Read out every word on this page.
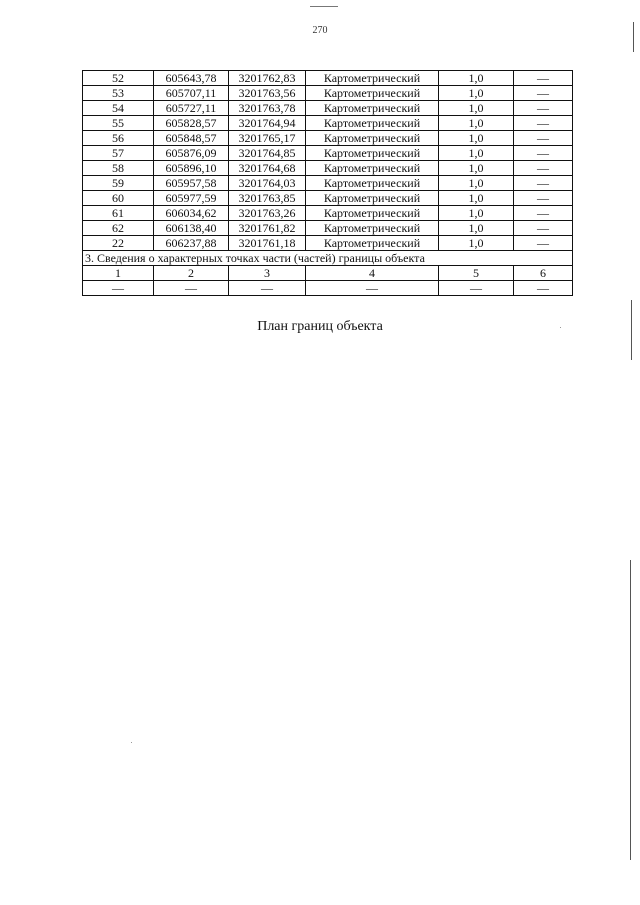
270
52	605643,78	3201762,83	Картометрический	1,0	—
53	605707,11	3201763,56	Картометрический	1,0	—
54	605727,11	3201763,78	Картометрический	1,0	—
55	605828,57	3201764,94	Картометрический	1,0	—
56	605848,57	3201765,17	Картометрический	1,0	—
57	605876,09	3201764,85	Картометрический	1,0	—
58	605896,10	3201764,68	Картометрический	1,0	—
59	605957,58	3201764,03	Картометрический	1,0	—
60	605977,59	3201763,85	Картометрический	1,0	—
61	606034,62	3201763,26	Картометрический	1,0	—
62	606138,40	3201761,82	Картометрический	1,0	—
22	606237,88	3201761,18	Картометрический	1,0	—
3. Сведения о характерных точках части (частей) границы объекта					
1	2	3	4	5	6
—	—	—	—	—	—
План границ объекта
